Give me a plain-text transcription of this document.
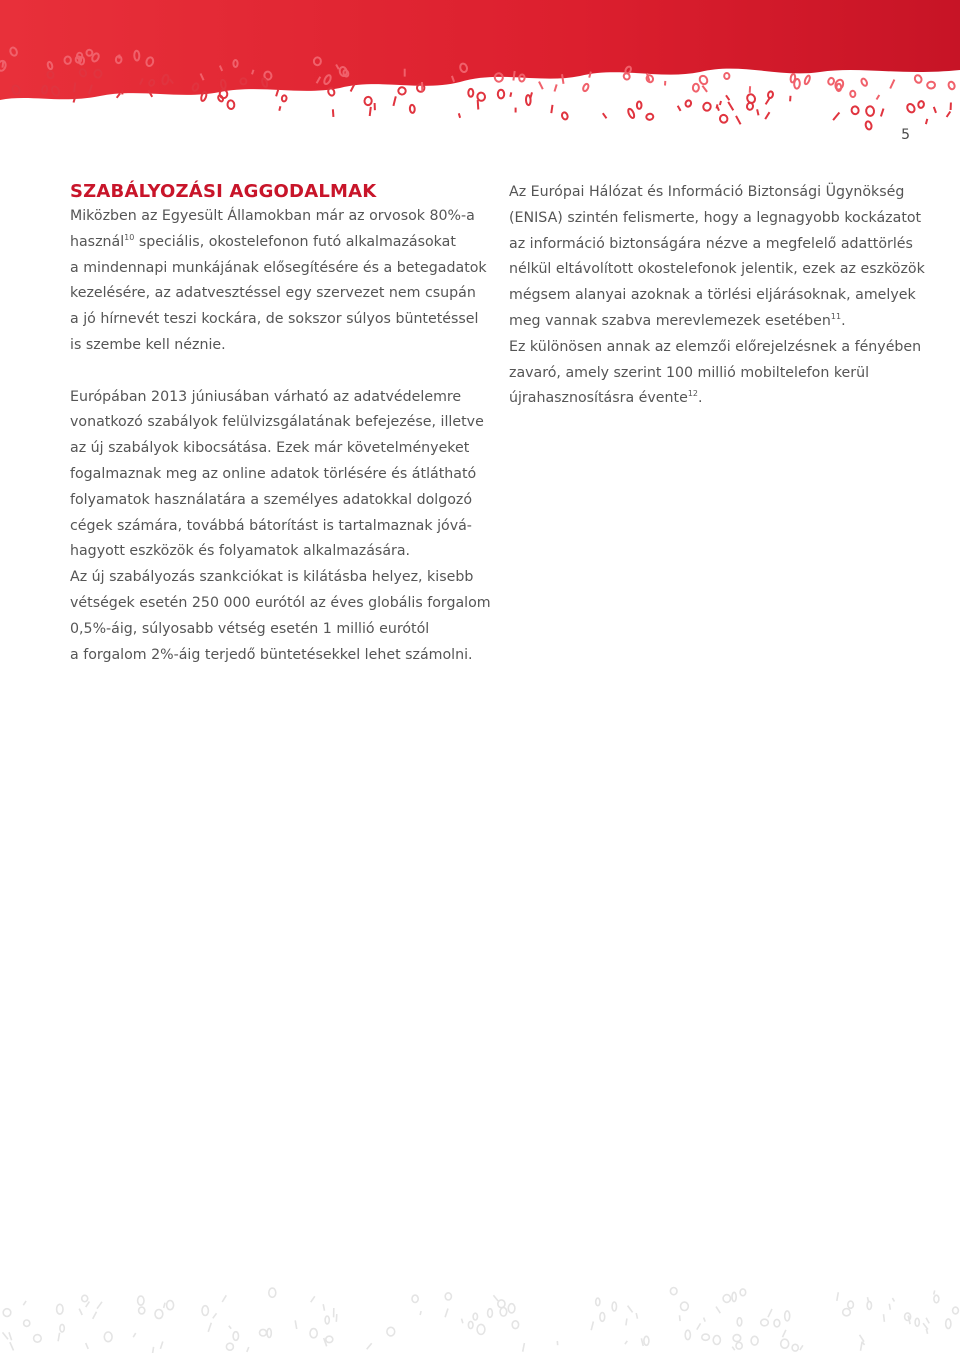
5
SZABÁLYOZÁSI AGGODALMAK

Miközben az Egyesült Államokban már az orvosok 80%-a
használ$^{10}$ speciális, okostelefonon futó alkalmazásokat
a mindennapi munkájának elősegítésére és a betegadatok
kezelésére, az adatvesztéssel egy szervezet nem csupán
a jó hírnevét teszi kockára, de sokszor súlyos büntetéssel
is szembe kell néznie.

Európában 2013 júniusában várható az adatvédelemre
vonatkozó szabályok felülvizsgálatának befejezése, illetve
az új szabályok kibocsátása. Ezek már követelményeket
fogalmaznak meg az online adatok törlésére és átlátható
folyamatok használatára a személyes adatokkal dolgozó
cégek számára, továbbá bátorítást is tartalmaznak jóvá-
hagyott eszközök és folyamatok alkalmazására.

Az új szabályozás szankciókat is kilátásba helyez, kisebb
vétségek esetén 250 000 eurótól az éves globális forgalom
0,5%-áig, súlyosabb vétség esetén 1 millió eurótól
a forgalom 2%-áig terjedő büntetésekkel lehet számolni.

Az Európai Hálózat és Információ Biztonsági Ügynökség
(ENISA) szintén felismerte, hogy a legnagyobb kockázatot
az információ biztonságára nézve a megfelelő adattörlés
nélkül eltávolított okostelefonok jelentik, ezek az eszközök
mégsem alanyai azoknak a törlési eljárásoknak, amelyek
meg vannak szabva merevlemezek esetében$^{11}$.

Ez különösen annak az elemzői előrejelzésnek a fényében
zavaró, amely szerint 100 millió mobiltelefon kerül
újrahasznosításra évente$^{12}$.
